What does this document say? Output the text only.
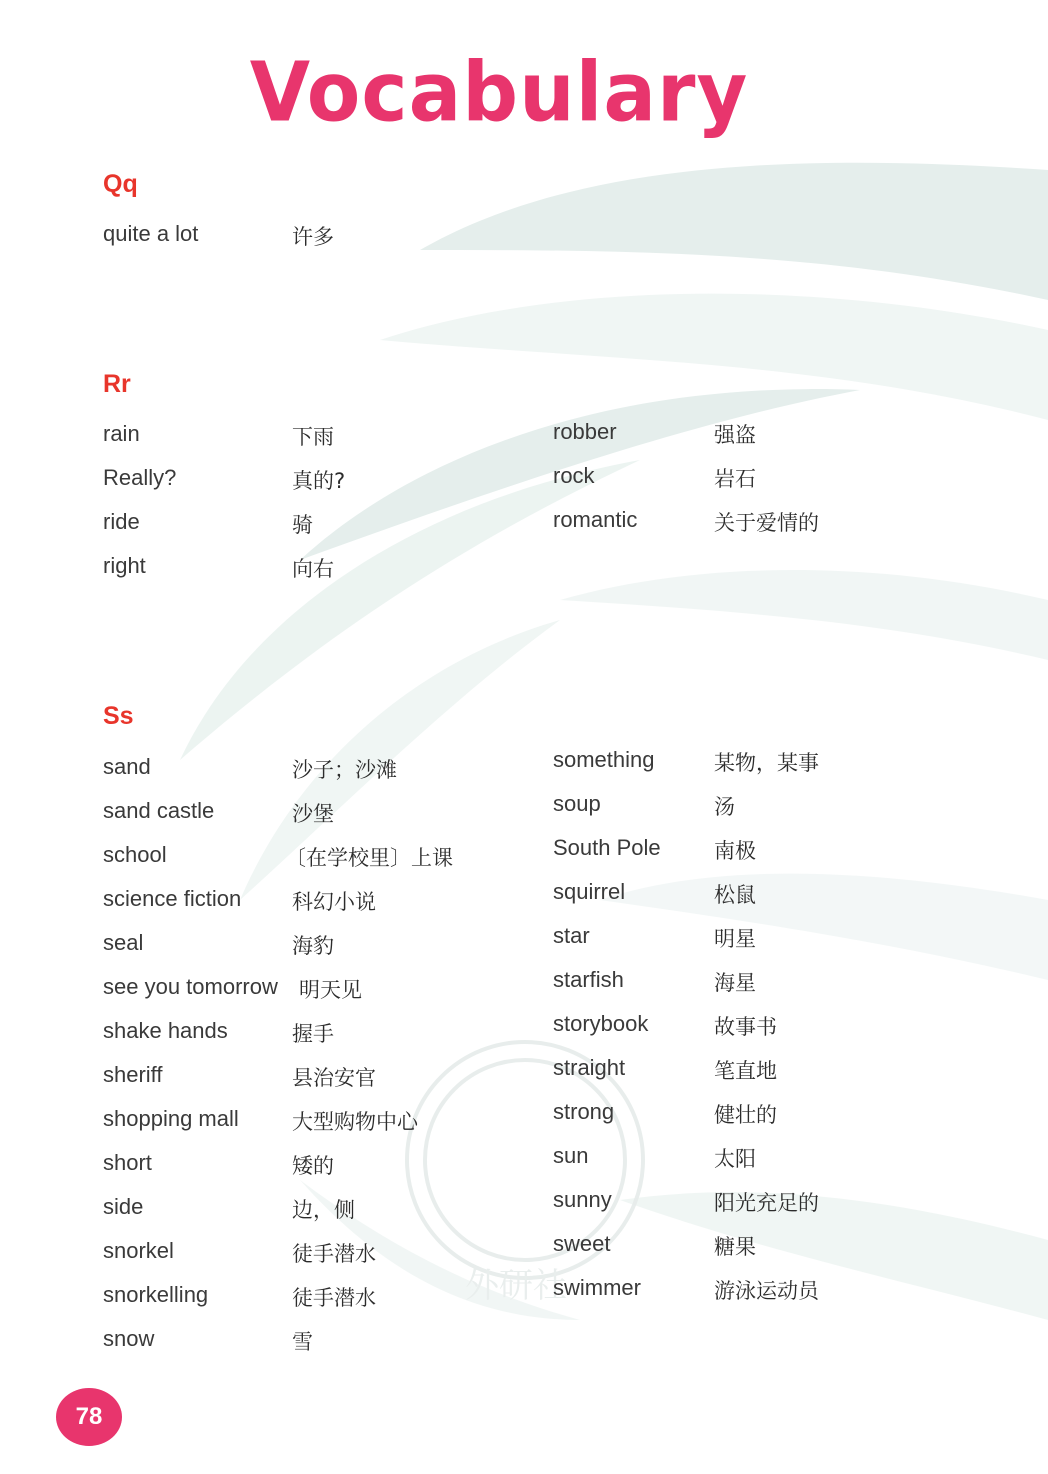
外研社
Vocabulary
Qq
quite a lot	许多
Rr
rain	下雨
Really?	真的?
ride	骑
right	向右
robber	强盗
rock	岩石
romantic	关于爱情的
Ss
sand	沙子；沙滩
sand castle	沙堡
school	〔在学校里〕上课
science fiction 科幻小说
seal	海豹
see you tomorrow 明天见
shake hands	握手
sheriff	县治安官
shopping mall	大型购物中心
short	矮的
side	边，侧
snorkel	徒手潜水
snorkelling	徒手潜水
snow	雪
something	某物，某事
soup	汤
South Pole	南极
squirrel	松鼠
star	明星
starfish	海星
storybook	故事书
straight	笔直地
strong	健壮的
sun	太阳
sunny	阳光充足的
sweet	糖果
swimmer	游泳运动员
78
